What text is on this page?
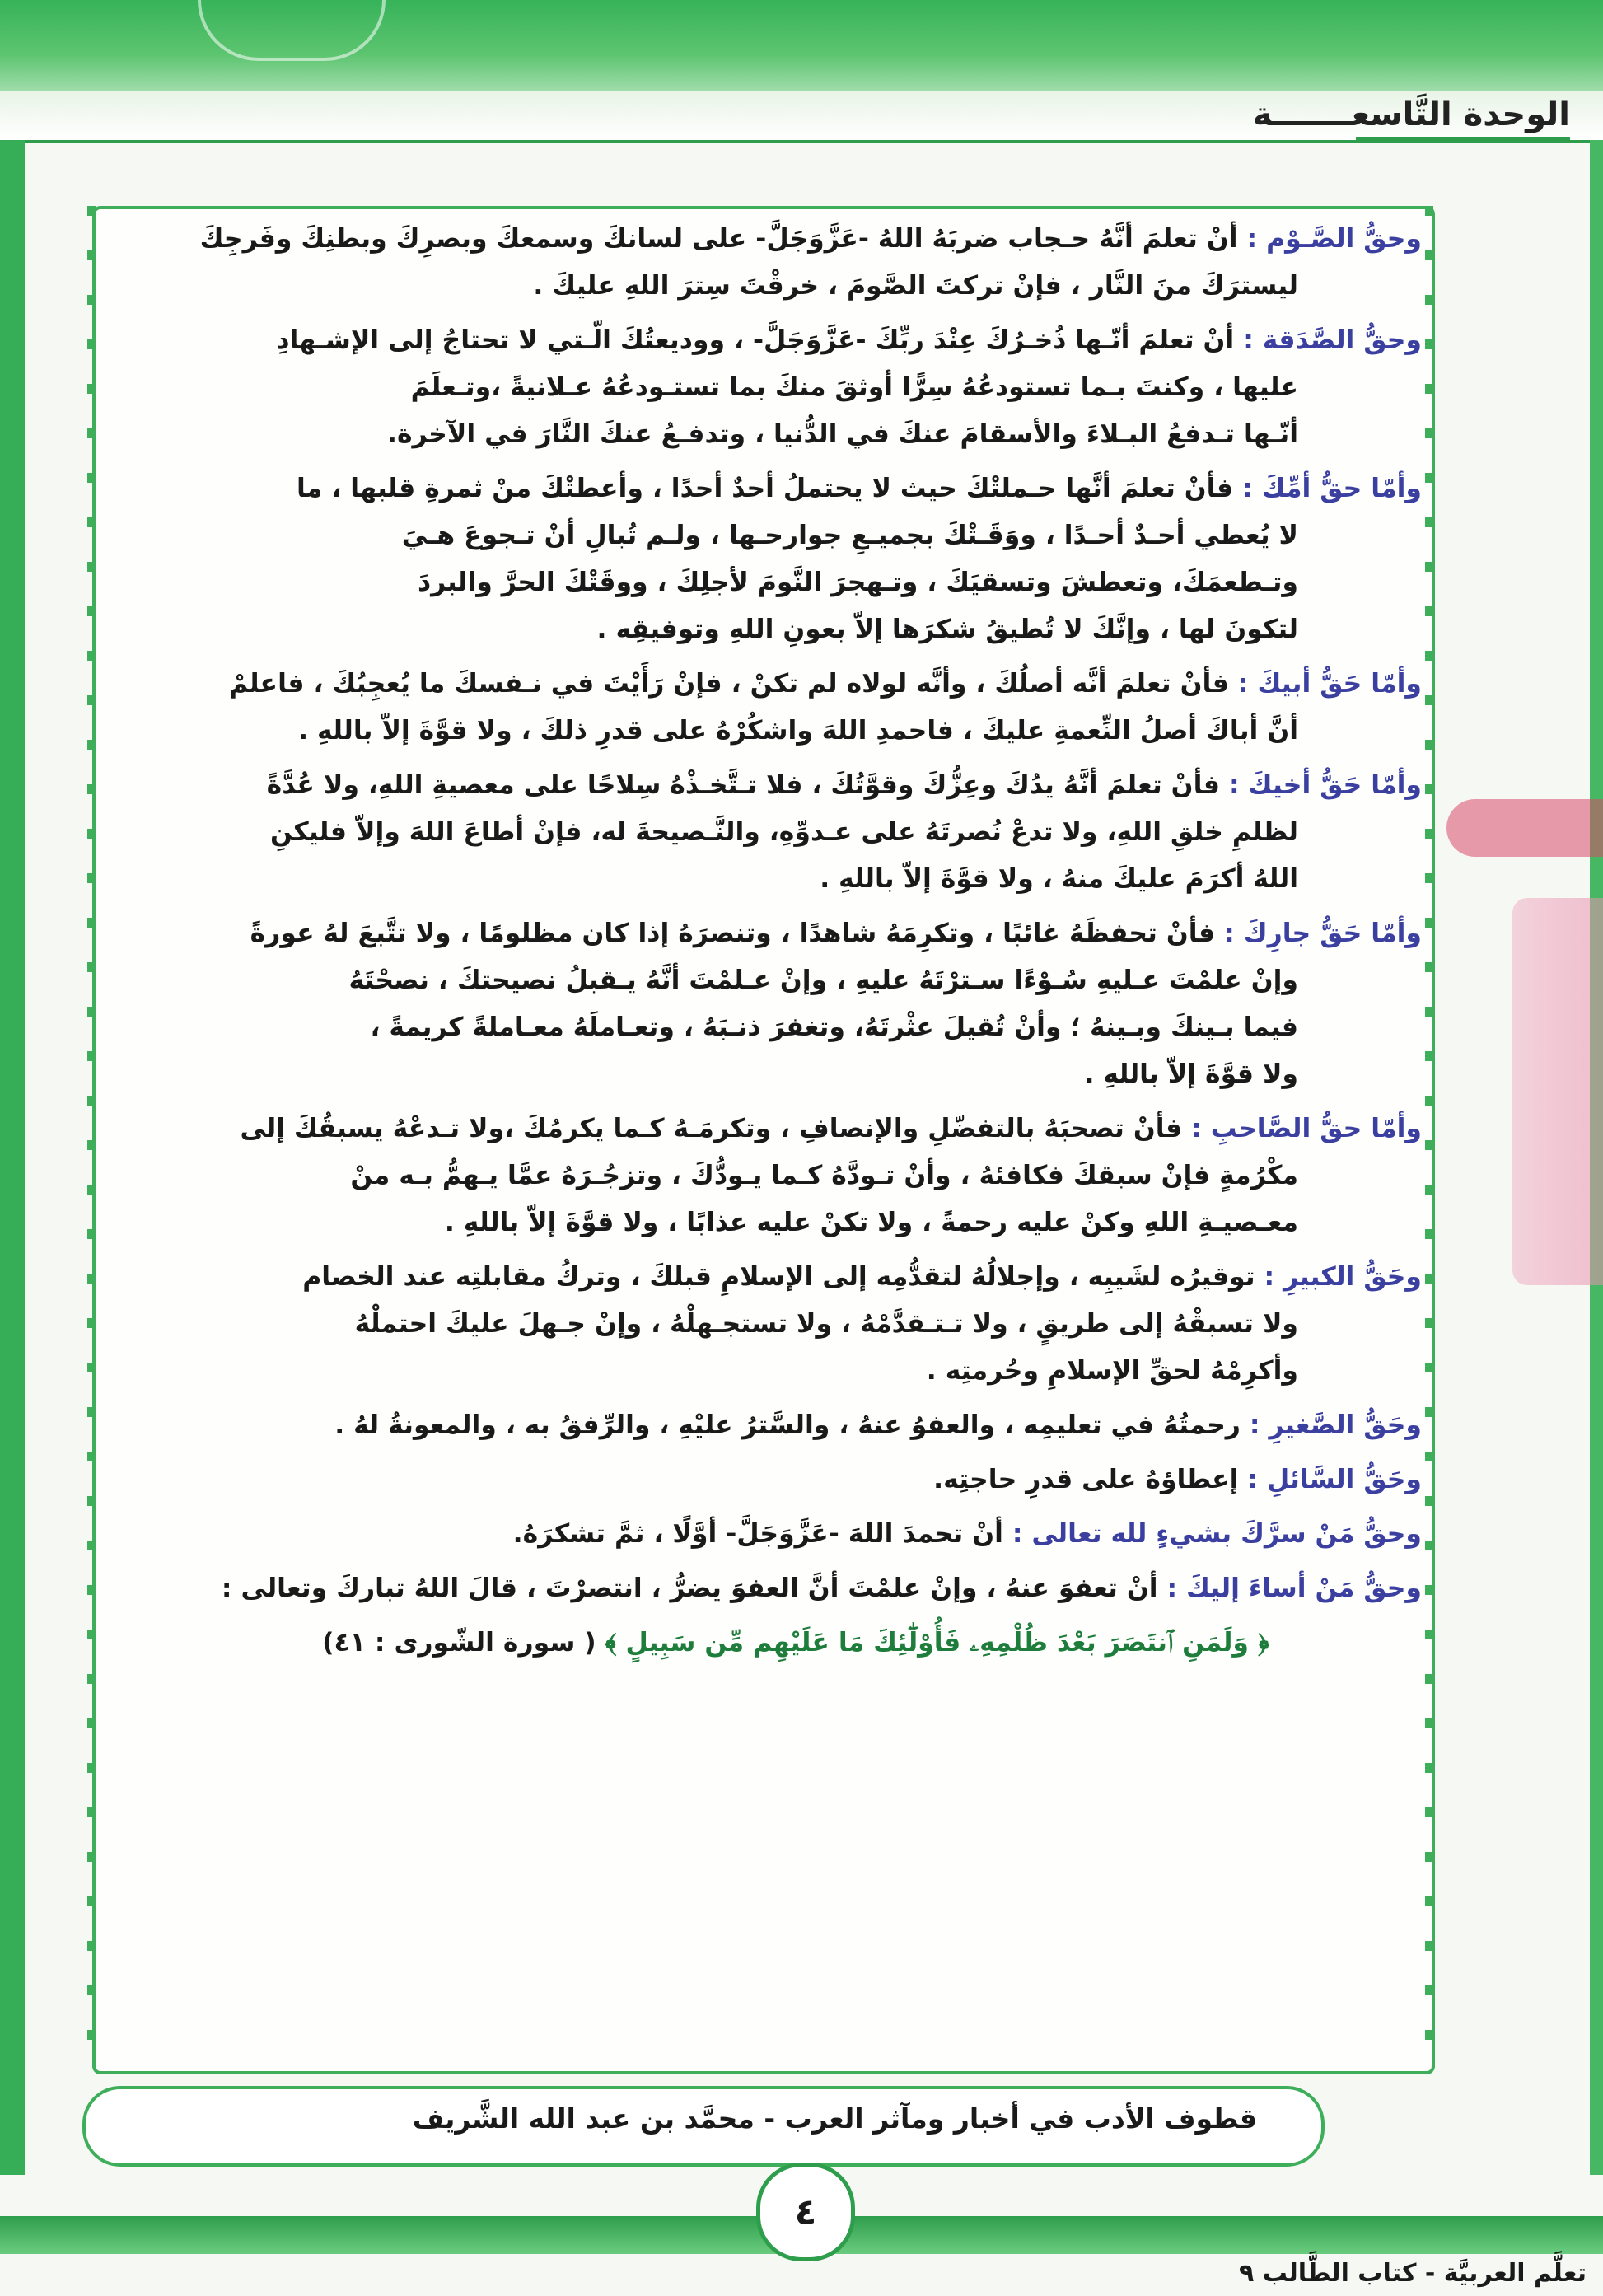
الوحدة التَّاسعـــــــة
وحقُّ الصَّـوْم : أنْ تعلمَ أنَّهُ حـجاب ضربَهُ اللهُ -عَزَّوَجَلَّ- على لسانكَ وسمعكَ وبصرِكَ وبطنِكَ وفَرجِكَ
ليسترَكَ منَ النَّار ، فإنْ تركتَ الصَّومَ ، خرقْتَ سِترَ اللهِ عليكَ .
وحقُّ الصَّدَقة : أنْ تعلمَ أنّـها ذُخـرُكَ عِنْدَ ربِّكَ -عَزَّوَجَلَّ- ، ووديعتُكَ الّـتي لا تحتاجُ إلى الإشـهادِ
عليها ، وكنتَ بـما تستودعُهُ سِرًّا أوثقَ منكَ بما تستـودعُهُ عـلانيةً ،وتـعلَمَ
أنّـها تـدفعُ البـلاءَ والأسقامَ عنكَ في الدُّنيا ، وتدفـعُ عنكَ النَّارَ في الآخرة.
وأمّا حقُّ أمِّكَ : فأنْ تعلمَ أنَّها حـملتْكَ حيث لا يحتملُ أحدٌ أحدًا ، وأعطتْكَ منْ ثمرةِ قلبها ، ما
لا يُعطي أحـدٌ أحـدًا ، ووَقَـتْكَ بجميـعِ جوارحـها ، ولـم تُبالِ أنْ تـجوعَ هـيَ
وتـطعمَكَ، وتعطشَ وتسقيَكَ ، وتـهجرَ النَّومَ لأجلِكَ ، ووقَتْكَ الحرَّ والبردَ
لتكونَ لها ، وإنَّكَ لا تُطيقُ شكرَها إلاّ بعونِ اللهِ وتوفيقِه .
وأمّا حَقُّ أبيكَ : فأنْ تعلمَ أنَّه أصلُكَ ، وأنَّه لولاه لم تكنْ ، فإنْ رَأَيْتَ في نـفسكَ ما يُعجِبُكَ ، فاعلمْ
أنَّ أباكَ أصلُ النِّعمةِ عليكَ ، فاحمدِ اللهَ واشكُرْهُ على قدرِ ذلكَ ، ولا قوَّةَ إلاّ باللهِ .
وأمّا حَقُّ أخيكَ : فأنْ تعلمَ أنَّهُ يدُكَ وعِزُّكَ وقوَّتُكَ ، فلا تـتَّخـذْهُ سِلاحًا على معصيةِ اللهِ، ولا عُدَّةً
لظلمِ خلقِ اللهِ، ولا تدعْ نُصرتَهُ على عـدوِّهِ، والنَّـصيحةَ له، فإنْ أطاعَ اللهَ وإلاّ فليكنِ
اللهُ أكرَمَ عليكَ منهُ ، ولا قوَّةَ إلاّ باللهِ .
وأمّا حَقُّ جارِكَ : فأنْ تحفظَهُ غائبًا ، وتكرِمَهُ شاهدًا ، وتنصرَهُ إذا كان مظلومًا ، ولا تتَّبعَ لهُ عورةً
وإنْ علمْتَ عـليهِ سُـوْءًا سـترْتَهُ عليهِ ، وإنْ عـلمْتَ أنَّهُ يـقبلُ نصيحتكَ ، نصحْتَهُ
فيما بـينكَ وبـينهُ ؛ وأنْ تُقيلَ عثْرتَهُ، وتغفرَ ذنـبَهُ ، وتعـاملَهُ معـاملةً كريمةً ،
ولا قوَّةَ إلاّ باللهِ .
وأمّا حقُّ الصَّاحبِ : فأنْ تصحبَهُ بالتفضّلِ والإنصافِ ، وتكرمَـهُ كـما يكرمُكَ ،ولا تـدعْهُ يسبقُكَ إلى
مكْرُمةٍ فإنْ سبقكَ فكافئهُ ، وأنْ تـودَّهُ كـما يـودُّكَ ، وتزجُـرَهُ عمَّا يـهمُّ بـه منْ
معـصيـةِ اللهِ وكنْ عليه رحمةً ، ولا تكنْ عليه عذابًا ، ولا قوَّةَ إلاّ باللهِ .
وحَقُّ الكبيرِ : توقيرُه لشَيبِه ، وإجلالُهُ لتقدُّمِه إلى الإسلامِ قبلكَ ، وتركُ مقابلتِه عند الخصام
ولا تسبقْهُ إلى طريقٍ ، ولا تـتـقدَّمْهُ ، ولا تستجـهلْهُ ، وإنْ جـهلَ عليكَ احتملْهُ
وأكرِمْهُ لحقِّ الإسلامِ وحُرمتِه .
وحَقُّ الصَّغيرِ : رحمتُهُ في تعليمِه ، والعفوُ عنهُ ، والسَّترُ عليْهِ ، والرِّفقُ به ، والمعونةُ لهُ .
وحَقُّ السَّائلِ : إعطاؤهُ على قدرِ حاجتِه.
وحقُّ مَنْ سرَّكَ بشيءٍ لله تعالى : أنْ تحمدَ اللهَ -عَزَّوَجَلَّ- أوَّلًا ، ثمَّ تشكرَهُ.
وحقُّ مَنْ أساءَ إليكَ : أنْ تعفوَ عنهُ ، وإنْ علمْتَ أنَّ العفوَ يضرُّ ، انتصرْتَ ، قالَ اللهُ تباركَ وتعالى :
﴿ وَلَمَنِ ٱنتَصَرَ بَعْدَ ظُلْمِهِۦ فَأُوْلَٰٓئِكَ مَا عَلَيْهِم مِّن سَبِيلٍ ﴾ ( سورة الشّورى : ٤١)
قطوف الأدب في أخبار ومآثر العرب - محمَّد بن عبد الله الشَّريف
٤
تعلَّم العربيَّة - كتاب الطَّالب ٩
